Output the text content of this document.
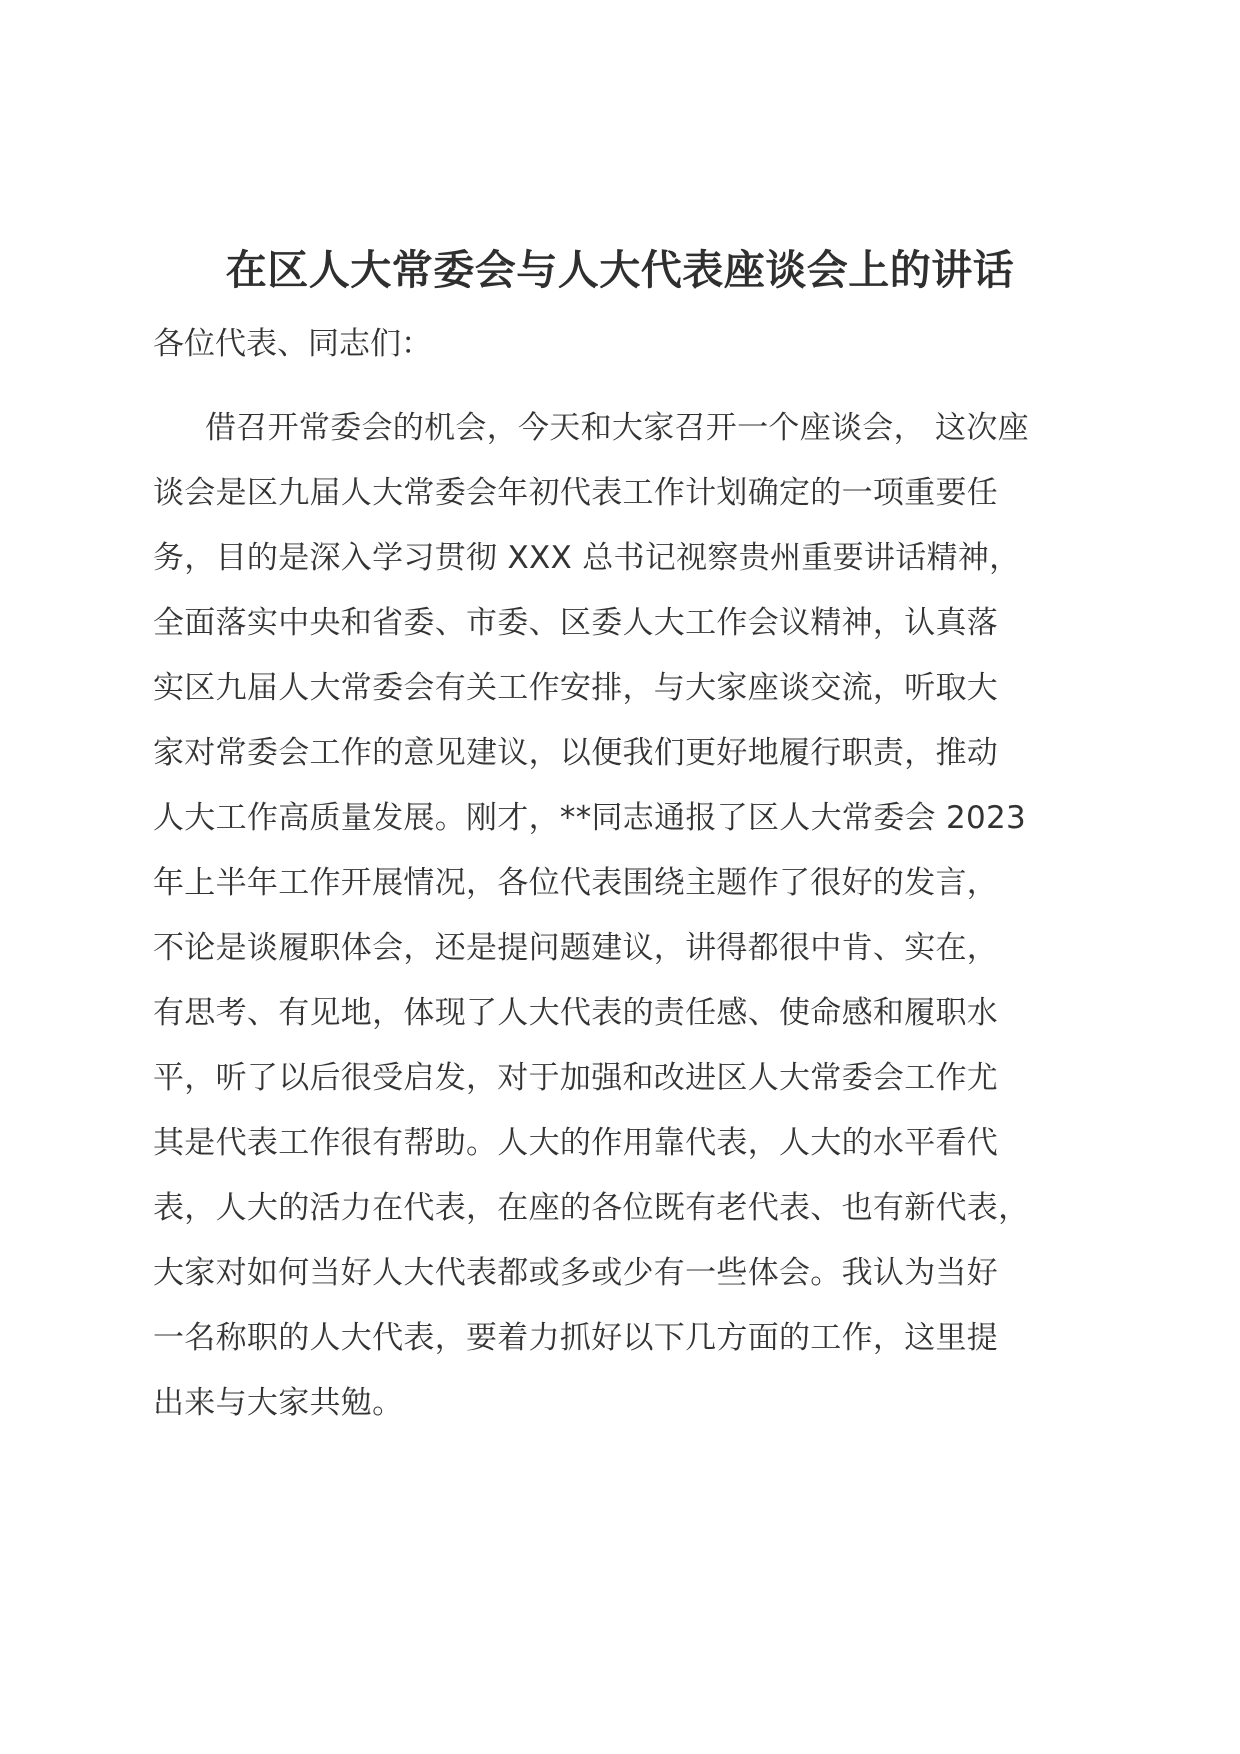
在区人大常委会与人大代表座谈会上的讲话

各位代表、同志们：

借召开常委会的机会，今天和大家召开一个座谈会， 这次座
谈会是区九届人大常委会年初代表工作计划确定的一项重要任
务，目的是深入学习贯彻 XXX 总书记视察贵州重要讲话精神，
全面落实中央和省委、市委、区委人大工作会议精神，认真落
实区九届人大常委会有关工作安排，与大家座谈交流，听取大
家对常委会工作的意见建议，以便我们更好地履行职责，推动
人大工作高质量发展。刚才，**同志通报了区人大常委会 2023
年上半年工作开展情况，各位代表围绕主题作了很好的发言，
不论是谈履职体会，还是提问题建议，讲得都很中肯、实在，
有思考、有见地，体现了人大代表的责任感、使命感和履职水
平，听了以后很受启发，对于加强和改进区人大常委会工作尤
其是代表工作很有帮助。人大的作用靠代表，人大的水平看代
表，人大的活力在代表，在座的各位既有老代表、也有新代表，
大家对如何当好人大代表都或多或少有一些体会。我认为当好
一名称职的人大代表，要着力抓好以下几方面的工作，这里提
出来与大家共勉。
